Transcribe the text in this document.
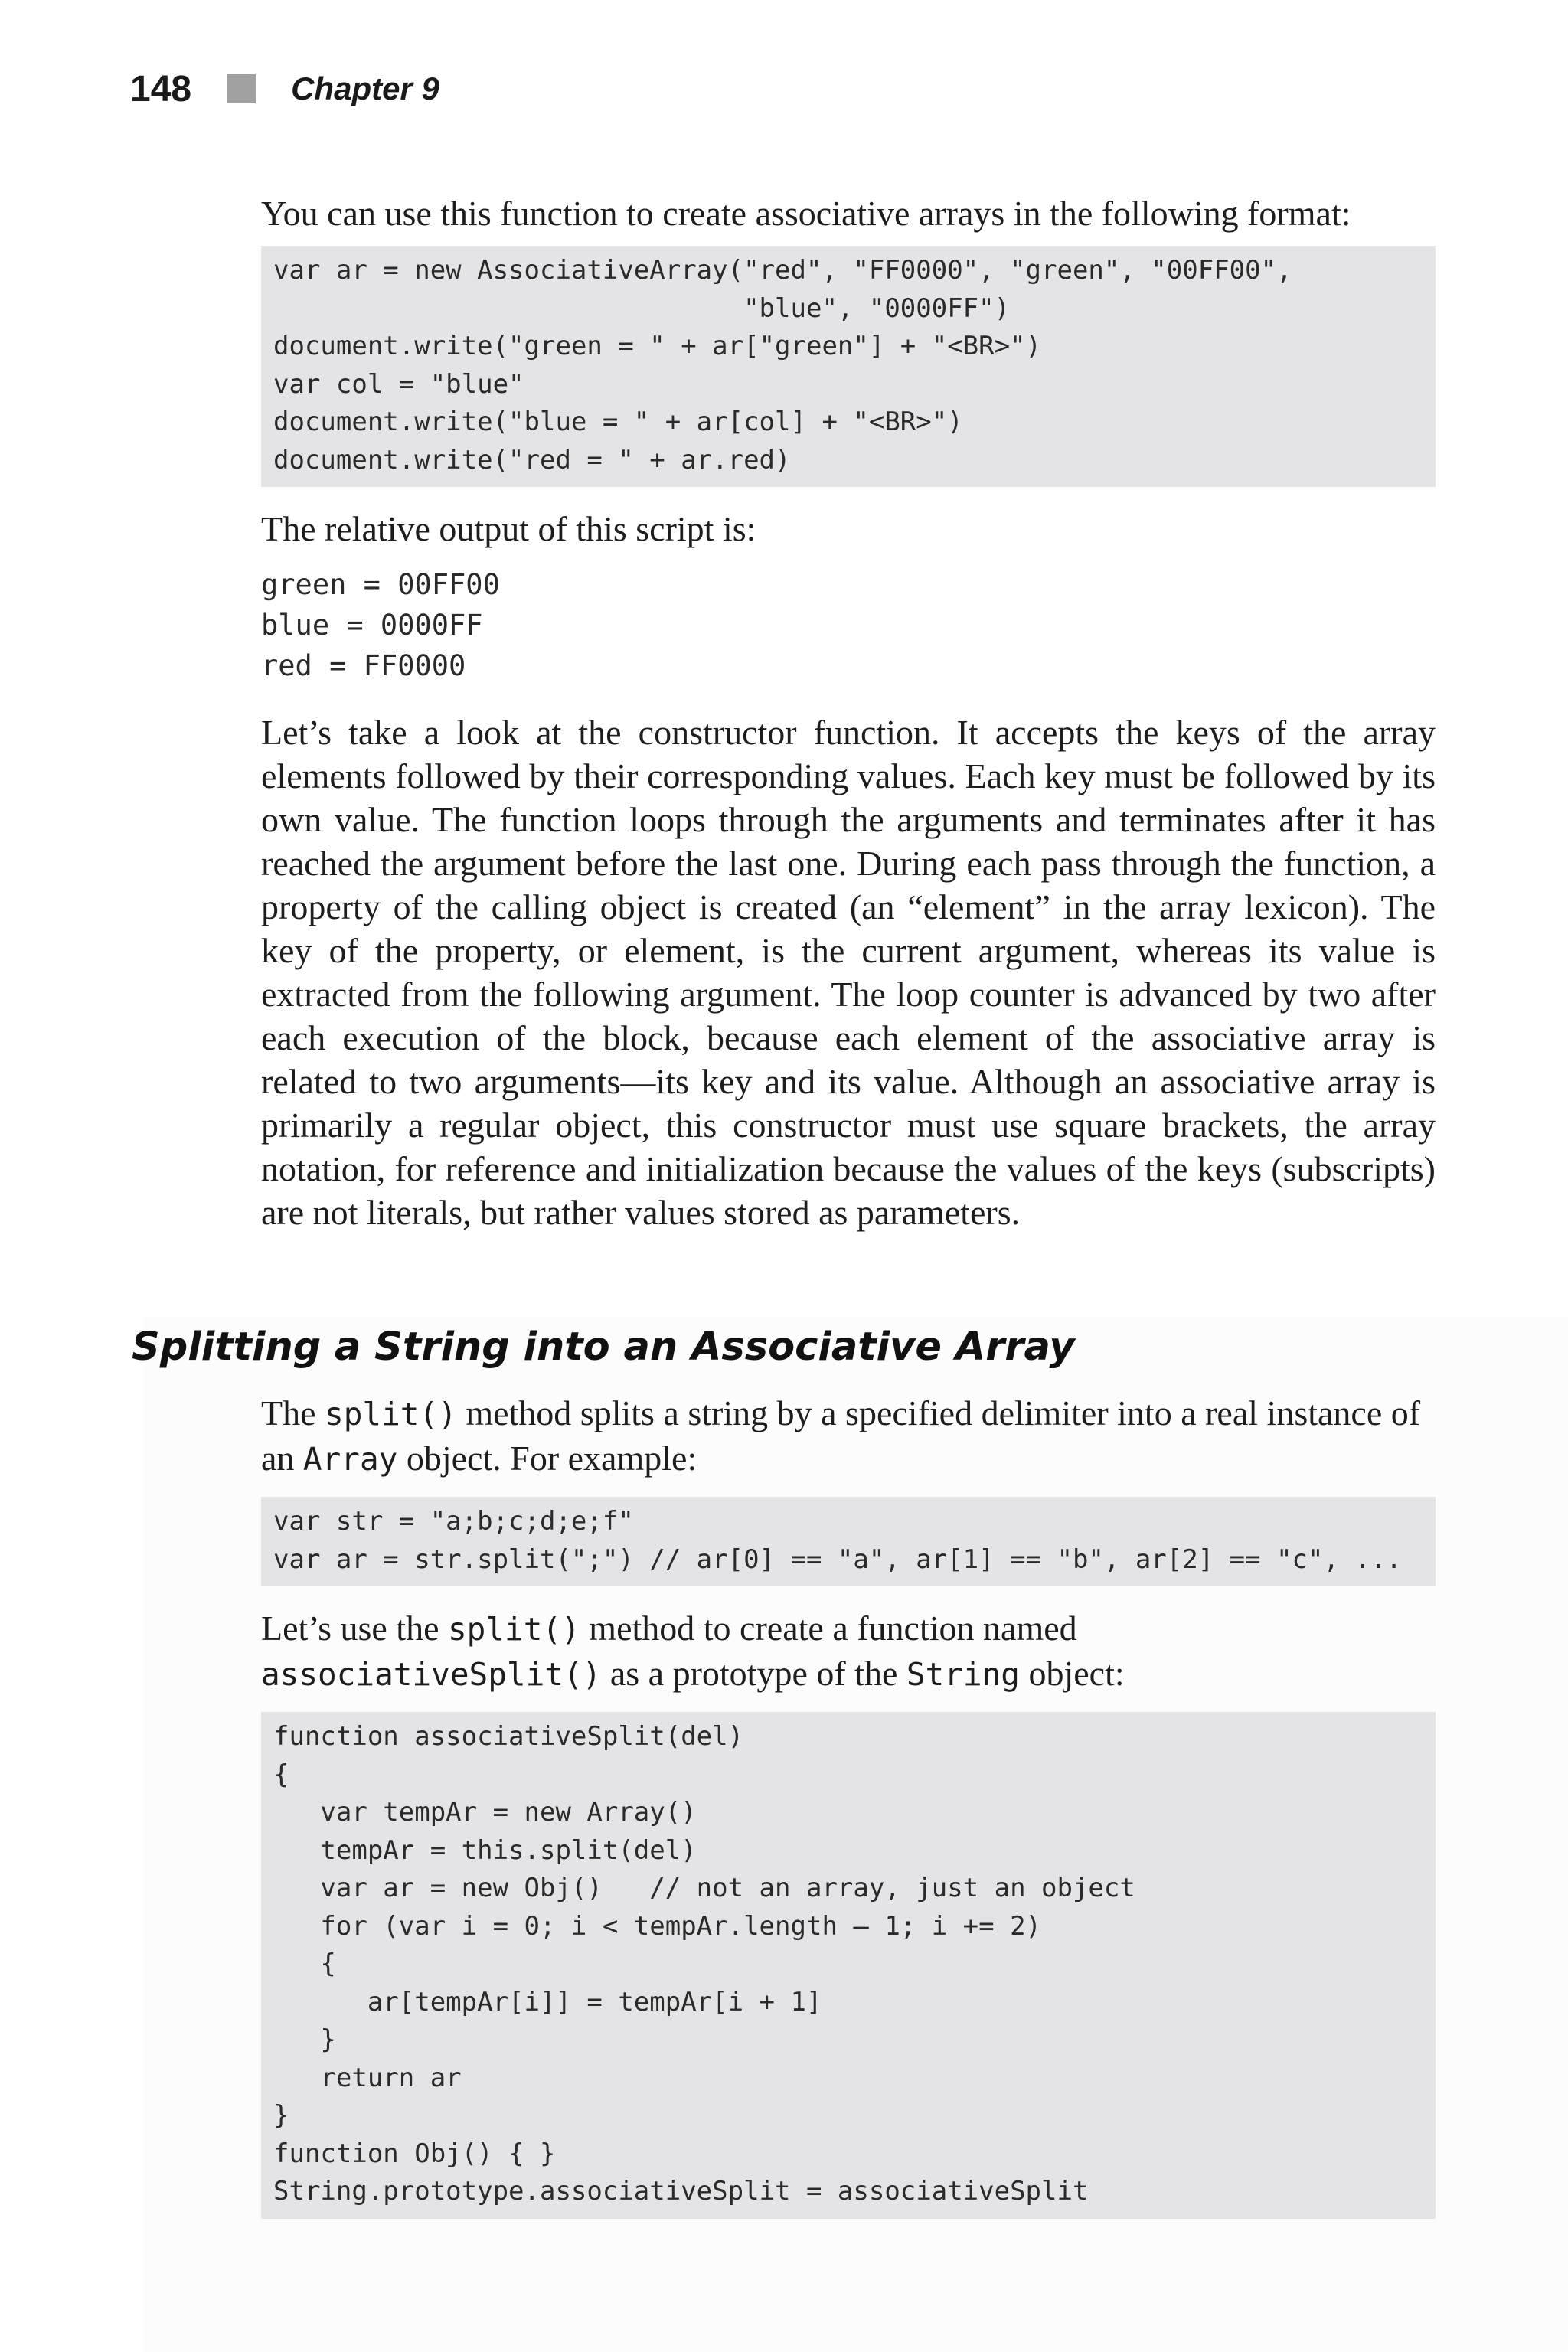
148	Chapter 9

You can use this function to create associative arrays in the following format:

var ar = new AssociativeArray("red", "FF0000", "green", "00FF00",
"blue", "0000FF")
document.write("green = " + ar["green"] + "<BR>")
var col = "blue"
document.write("blue = " + ar[col] + "<BR>")
document.write("red = " + ar.red)

The relative output of this script is:

green = 00FF00
blue = 0000FF
red = FF0000

Let’s take a look at the constructor function. It accepts the keys of the array elements followed by their corresponding values. Each key must be followed by its own value. The function loops through the arguments and terminates after it has reached the argument before the last one. During each pass through the function, a property of the calling object is created (an “element” in the array lexicon). The key of the property, or element, is the current argument, whereas its value is extracted from the following argument. The loop counter is advanced by two after each execution of the block, because each element of the associative array is related to two arguments—its key and its value. Although an associative array is primarily a regular object, this constructor must use square brackets, the array notation, for reference and initialization because the values of the keys (subscripts) are not literals, but rather values stored as parameters.

Splitting a String into an Associative Array

The split() method splits a string by a specified delimiter into a real instance of an Array object. For example:

var str = "a;b;c;d;e;f"
var ar = str.split(";") // ar[0] == "a", ar[1] == "b", ar[2] == "c", ...

Let’s use the split() method to create a function named
associativeSplit() as a prototype of the String object:

function associativeSplit(del)
{
var tempAr = new Array()
tempAr = this.split(del)
var ar = new Obj()   // not an array, just an object
for (var i = 0; i < tempAr.length – 1; i += 2)
{
ar[tempAr[i]] = tempAr[i + 1]
}
return ar
}
function Obj() { }
String.prototype.associativeSplit = associativeSplit
